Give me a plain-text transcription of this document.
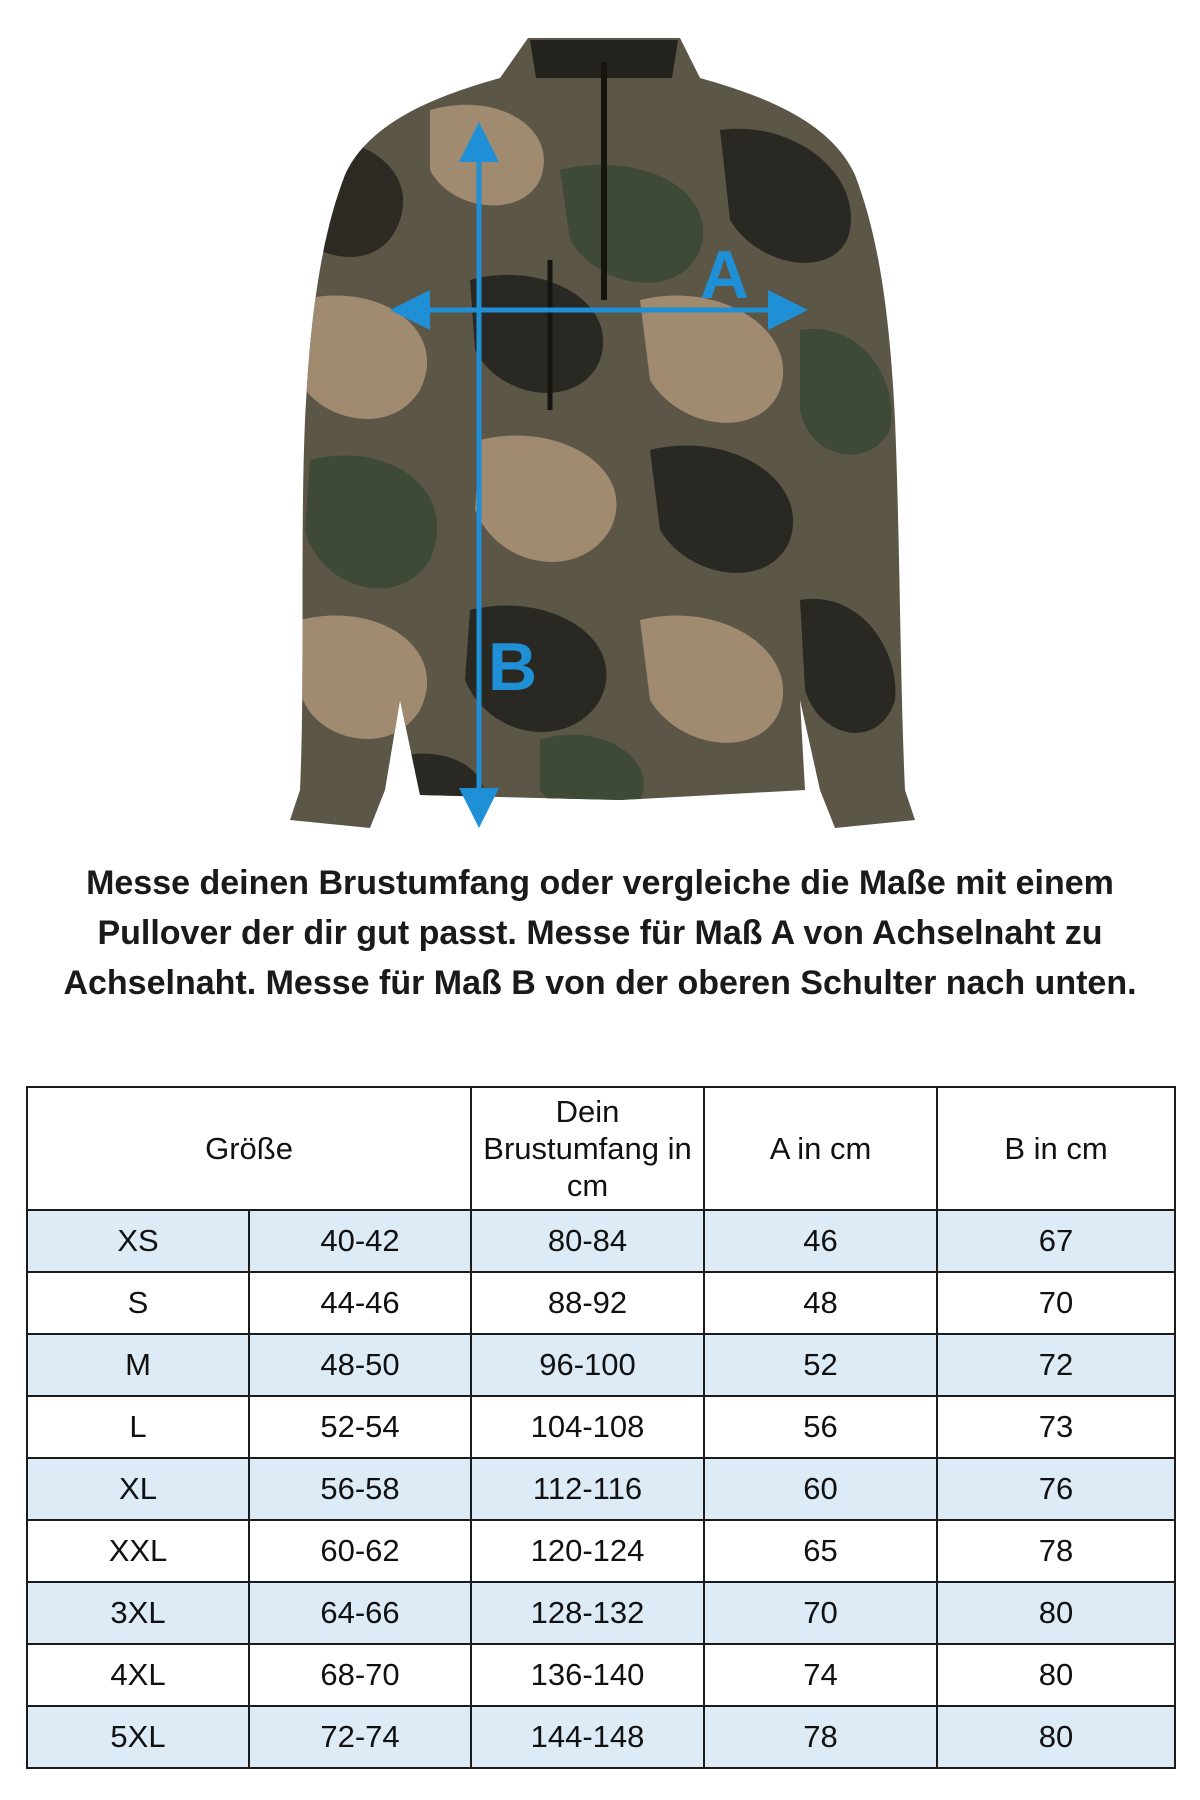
A
B
Messe deinen Brustumfang oder vergleiche die Maße mit einem Pullover der dir gut passt. Messe für Maß A von Achselnaht zu Achselnaht. Messe für Maß B von der oberen Schulter nach unten.
Größe		Dein Brustumfang in cm	A in cm	B in cm
XS	40-42	80-84	46	67
S	44-46	88-92	48	70
M	48-50	96-100	52	72
L	52-54	104-108	56	73
XL	56-58	112-116	60	76
XXL	60-62	120-124	65	78
3XL	64-66	128-132	70	80
4XL	68-70	136-140	74	80
5XL	72-74	144-148	78	80
